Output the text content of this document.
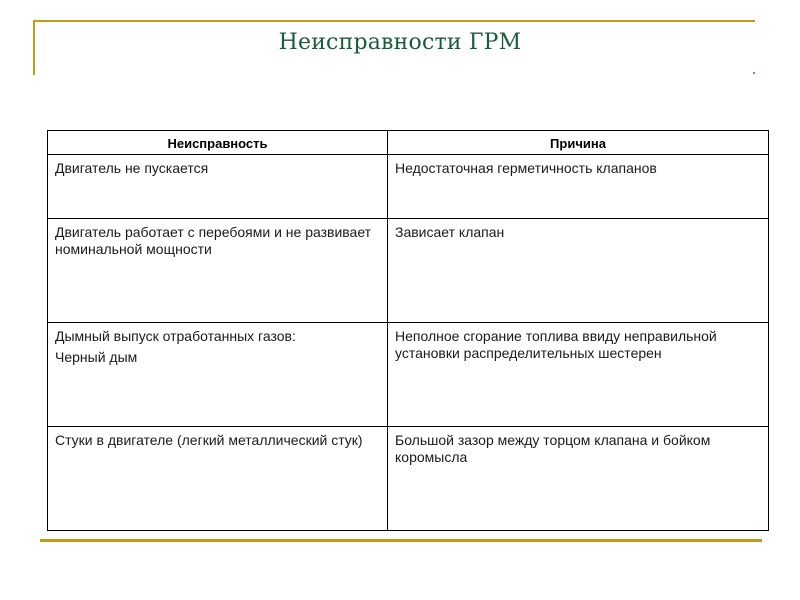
Неисправности ГРМ
Неисправность	Причина

Двигатель не пускается	Недостаточная герметичность клапанов

Двигатель работает с перебоями и не развивает номинальной мощности	Зависает клапан

Дымный выпуск отработанных газов:
Черный дым	Неполное сгорание топлива ввиду неправильной установки распределительных шестерен

Стуки в двигателе (легкий металлический стук)	Большой зазор между торцом клапана и бойком коромысла
